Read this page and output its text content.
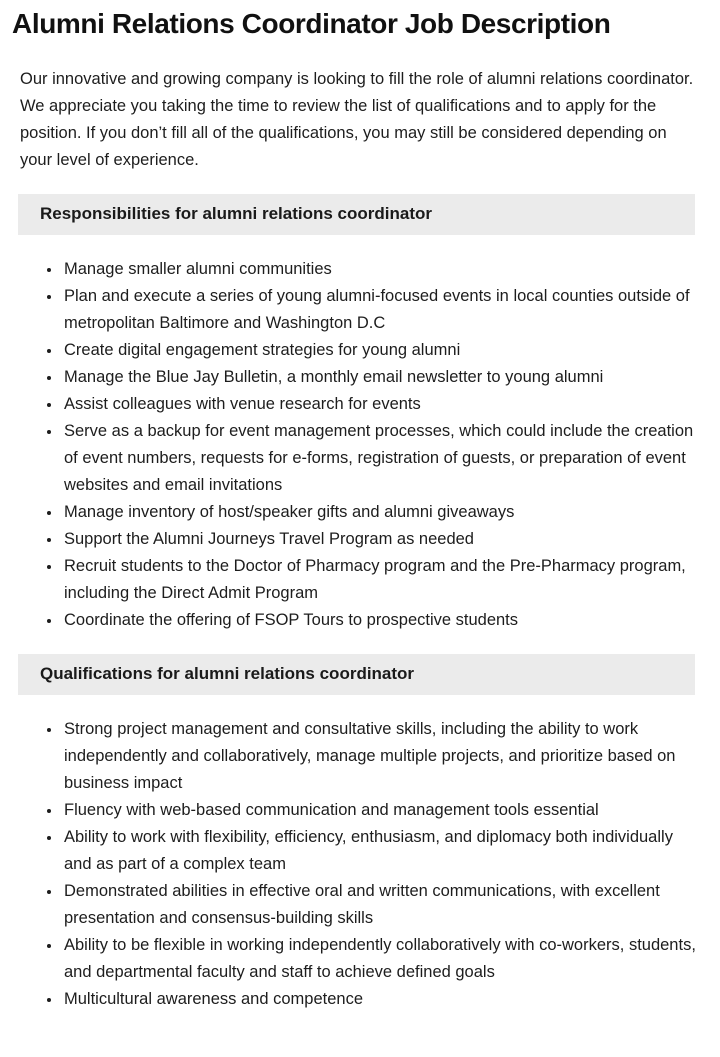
Alumni Relations Coordinator Job Description

Our innovative and growing company is looking to fill the role of alumni relations coordinator. We appreciate you taking the time to review the list of qualifications and to apply for the position. If you don’t fill all of the qualifications, you may still be considered depending on your level of experience.

Responsibilities for alumni relations coordinator
• Manage smaller alumni communities
• Plan and execute a series of young alumni-focused events in local counties outside of metropolitan Baltimore and Washington D.C
• Create digital engagement strategies for young alumni
• Manage the Blue Jay Bulletin, a monthly email newsletter to young alumni
• Assist colleagues with venue research for events
• Serve as a backup for event management processes, which could include the creation of event numbers, requests for e-forms, registration of guests, or preparation of event websites and email invitations
• Manage inventory of host/speaker gifts and alumni giveaways
• Support the Alumni Journeys Travel Program as needed
• Recruit students to the Doctor of Pharmacy program and the Pre-Pharmacy program, including the Direct Admit Program
• Coordinate the offering of FSOP Tours to prospective students
Qualifications for alumni relations coordinator
• Strong project management and consultative skills, including the ability to work independently and collaboratively, manage multiple projects, and prioritize based on business impact
• Fluency with web-based communication and management tools essential
• Ability to work with flexibility, efficiency, enthusiasm, and diplomacy both individually and as part of a complex team
• Demonstrated abilities in effective oral and written communications, with excellent presentation and consensus-building skills
• Ability to be flexible in working independently collaboratively with co-workers, students, and departmental faculty and staff to achieve defined goals
• Multicultural awareness and competence
